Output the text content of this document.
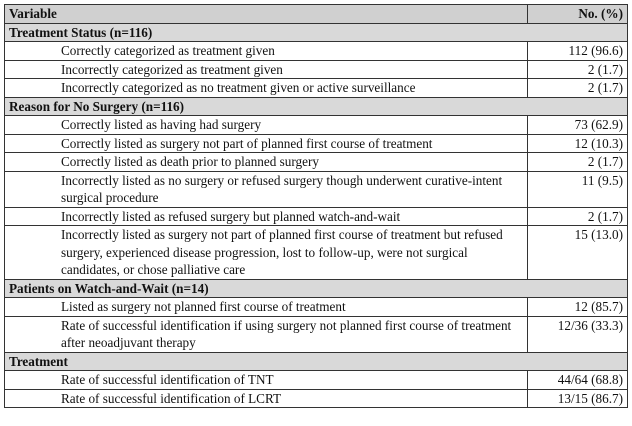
Variable	No. (%)
Treatment Status (n=116)	
Correctly categorized as treatment given	112 (96.6)
Incorrectly categorized as treatment given	2 (1.7)
Incorrectly categorized as no treatment given or active surveillance	2 (1.7)
Reason for No Surgery (n=116)	
Correctly listed as having had surgery	73 (62.9)
Correctly listed as surgery not part of planned first course of treatment	12 (10.3)
Correctly listed as death prior to planned surgery	2 (1.7)
Incorrectly listed as no surgery or refused surgery though underwent curative-intent surgical procedure	11 (9.5)
Incorrectly listed as refused surgery but planned watch-and-wait	2 (1.7)
Incorrectly listed as surgery not part of planned first course of treatment but refused surgery, experienced disease progression, lost to follow-up, were not surgical candidates, or chose palliative care	15 (13.0)
Patients on Watch-and-Wait (n=14)	
Listed as surgery not planned first course of treatment	12 (85.7)
Rate of successful identification if using surgery not planned first course of treatment after neoadjuvant therapy	12/36 (33.3)
Treatment	
Rate of successful identification of TNT	44/64 (68.8)
Rate of successful identification of LCRT	13/15 (86.7)
